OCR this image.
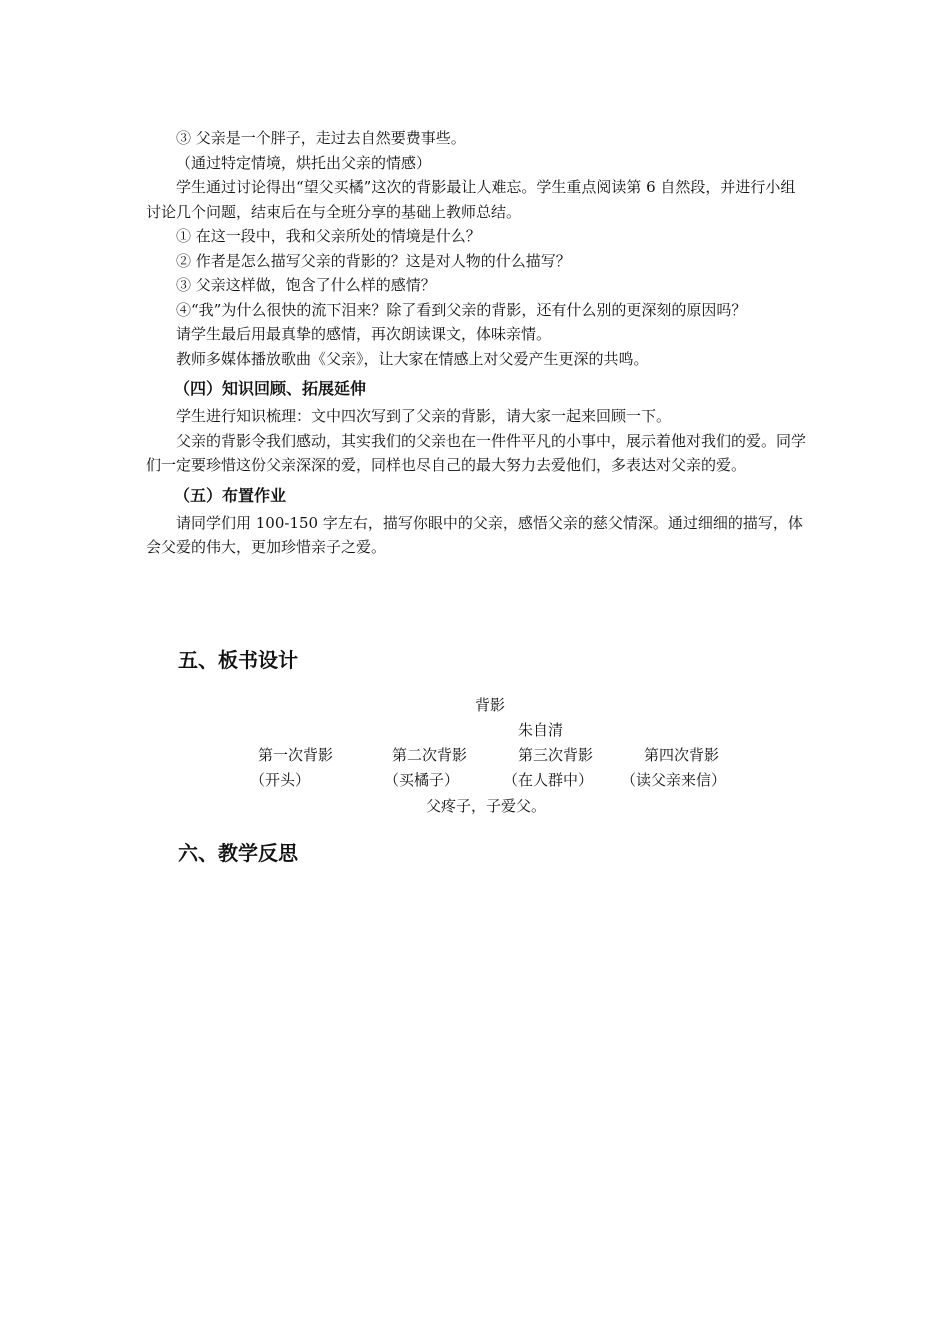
③ 父亲是一个胖子，走过去自然要费事些。

（通过特定情境，烘托出父亲的情感）

学生通过讨论得出“望父买橘”这次的背影最让人难忘。学生重点阅读第 6 自然段，并进行小组讨论几个问题，结束后在与全班分享的基础上教师总结。

① 在这一段中，我和父亲所处的情境是什么？

② 作者是怎么描写父亲的背影的？这是对人物的什么描写？

③ 父亲这样做，饱含了什么样的感情？

④“我”为什么很快的流下泪来？除了看到父亲的背影，还有什么别的更深刻的原因吗？

请学生最后用最真挚的感情，再次朗读课文，体味亲情。

教师多媒体播放歌曲《父亲》，让大家在情感上对父爱产生更深的共鸣。

（四）知识回顾、拓展延伸

学生进行知识梳理：文中四次写到了父亲的背影，请大家一起来回顾一下。

父亲的背影令我们感动，其实我们的父亲也在一件件平凡的小事中，展示着他对我们的爱。同学们一定要珍惜这份父亲深深的爱，同样也尽自己的最大努力去爱他们，多表达对父亲的爱。

（五）布置作业

请同学们用 100-150 字左右，描写你眼中的父亲，感悟父亲的慈父情深。通过细细的描写，体会父爱的伟大，更加珍惜亲子之爱。

五、板书设计

背影
朱自清
第一次背影	第二次背影	第三次背影	第四次背影
（开头）	（买橘子）	（在人群中） （读父亲来信）
父疼子，子爱父。

六、教学反思
